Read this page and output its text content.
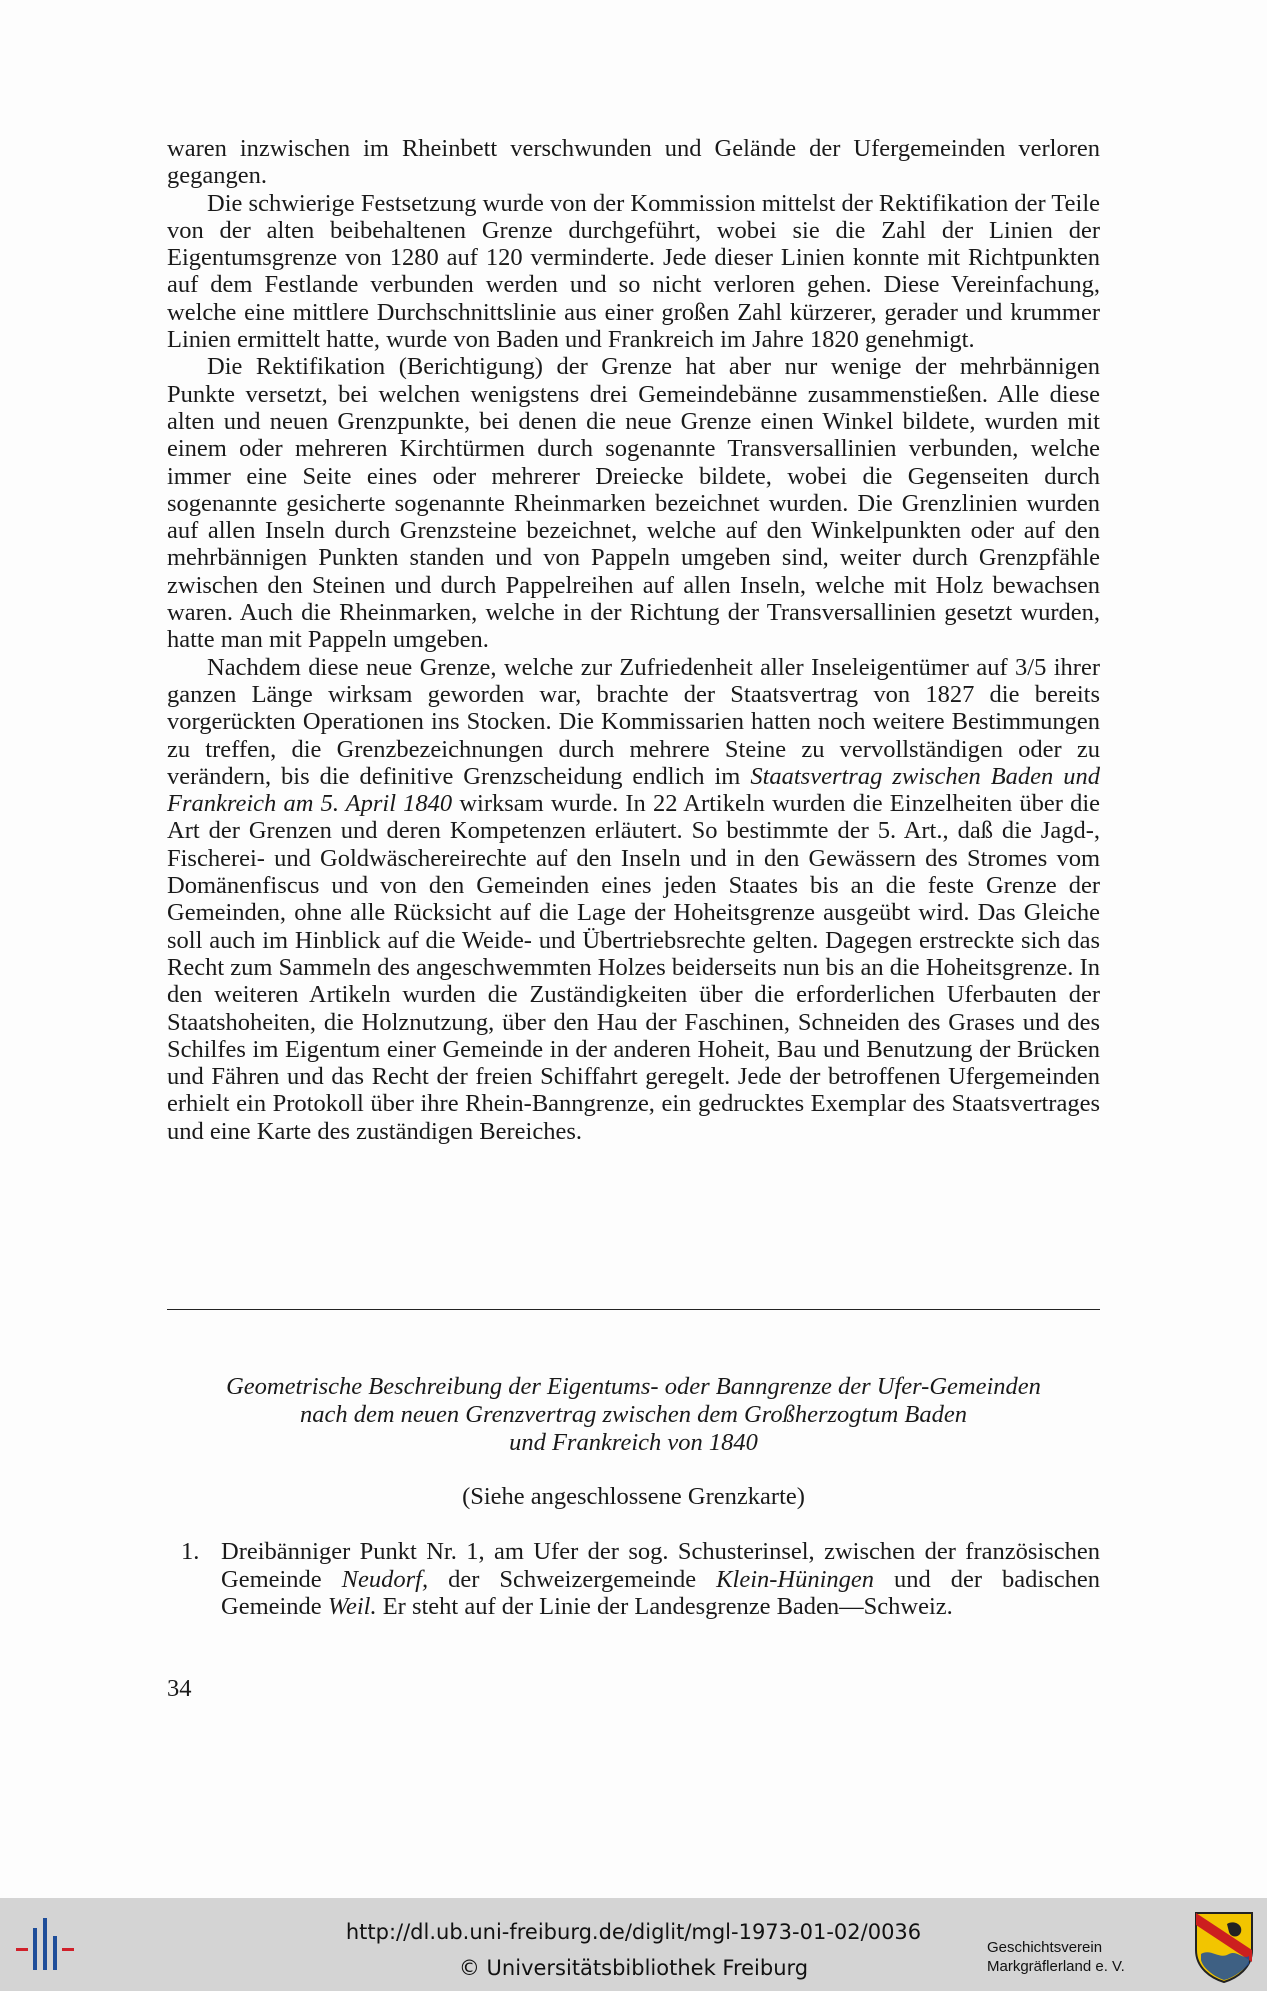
waren inzwischen im Rheinbett verschwunden und Gelände der Ufergemeinden verloren gegangen.

Die schwierige Festsetzung wurde von der Kommission mittelst der Rektifikation der Teile von der alten beibehaltenen Grenze durchgeführt, wobei sie die Zahl der Linien der Eigentumsgrenze von 1280 auf 120 verminderte. Jede dieser Linien konnte mit Richtpunkten auf dem Festlande verbunden werden und so nicht verloren gehen. Diese Vereinfachung, welche eine mittlere Durchschnittslinie aus einer großen Zahl kürzerer, gerader und krummer Linien ermittelt hatte, wurde von Baden und Frankreich im Jahre 1820 genehmigt.

Die Rektifikation (Berichtigung) der Grenze hat aber nur wenige der mehrbännigen Punkte versetzt, bei welchen wenigstens drei Gemeindebänne zusammenstießen. Alle diese alten und neuen Grenzpunkte, bei denen die neue Grenze einen Winkel bildete, wurden mit einem oder mehreren Kirchtürmen durch sogenannte Transversallinien verbunden, welche immer eine Seite eines oder mehrerer Dreiecke bildete, wobei die Gegenseiten durch sogenannte gesicherte sogenannte Rheinmarken bezeichnet wurden. Die Grenzlinien wurden auf allen Inseln durch Grenzsteine bezeichnet, welche auf den Winkelpunkten oder auf den mehrbännigen Punkten standen und von Pappeln umgeben sind, weiter durch Grenzpfähle zwischen den Steinen und durch Pappelreihen auf allen Inseln, welche mit Holz bewachsen waren. Auch die Rheinmarken, welche in der Richtung der Transversallinien gesetzt wurden, hatte man mit Pappeln umgeben.

Nachdem diese neue Grenze, welche zur Zufriedenheit aller Inseleigentümer auf 3/5 ihrer ganzen Länge wirksam geworden war, brachte der Staatsvertrag von 1827 die bereits vorgerückten Operationen ins Stocken. Die Kommissarien hatten noch weitere Bestimmungen zu treffen, die Grenzbezeichnungen durch mehrere Steine zu vervollständigen oder zu verändern, bis die definitive Grenzscheidung endlich im Staatsvertrag zwischen Baden und Frankreich am 5. April 1840 wirksam wurde. In 22 Artikeln wurden die Einzelheiten über die Art der Grenzen und deren Kompetenzen erläutert. So bestimmte der 5. Art., daß die Jagd-, Fischerei- und Goldwäschereirechte auf den Inseln und in den Gewässern des Stromes vom Domänenfiscus und von den Gemeinden eines jeden Staates bis an die feste Grenze der Gemeinden, ohne alle Rücksicht auf die Lage der Hoheitsgrenze ausgeübt wird. Das Gleiche soll auch im Hinblick auf die Weide- und Übertriebsrechte gelten. Dagegen erstreckte sich das Recht zum Sammeln des angeschwemmten Holzes beiderseits nun bis an die Hoheitsgrenze. In den weiteren Artikeln wurden die Zuständigkeiten über die erforderlichen Uferbauten der Staatshoheiten, die Holznutzung, über den Hau der Faschinen, Schneiden des Grases und des Schilfes im Eigentum einer Gemeinde in der anderen Hoheit, Bau und Benutzung der Brücken und Fähren und das Recht der freien Schiffahrt geregelt. Jede der betroffenen Ufergemeinden erhielt ein Protokoll über ihre Rhein-Banngrenze, ein gedrucktes Exemplar des Staatsvertrages und eine Karte des zuständigen Bereiches.

Geometrische Beschreibung der Eigentums- oder Banngrenze der Ufer-Gemeinden
nach dem neuen Grenzvertrag zwischen dem Großherzogtum Baden
und Frankreich von 1840
(Siehe angeschlossene Grenzkarte)
1. Dreibänniger Punkt Nr. 1, am Ufer der sog. Schusterinsel, zwischen der französischen Gemeinde Neudorf, der Schweizergemeinde Klein-Hüningen und der badischen Gemeinde Weil. Er steht auf der Linie der Landesgrenze Baden—Schweiz.
34
http://dl.ub.uni-freiburg.de/diglit/mgl-1973-01-02/0036
© Universitätsbibliothek Freiburg
Geschichtsverein
Markgräflerland e. V.
